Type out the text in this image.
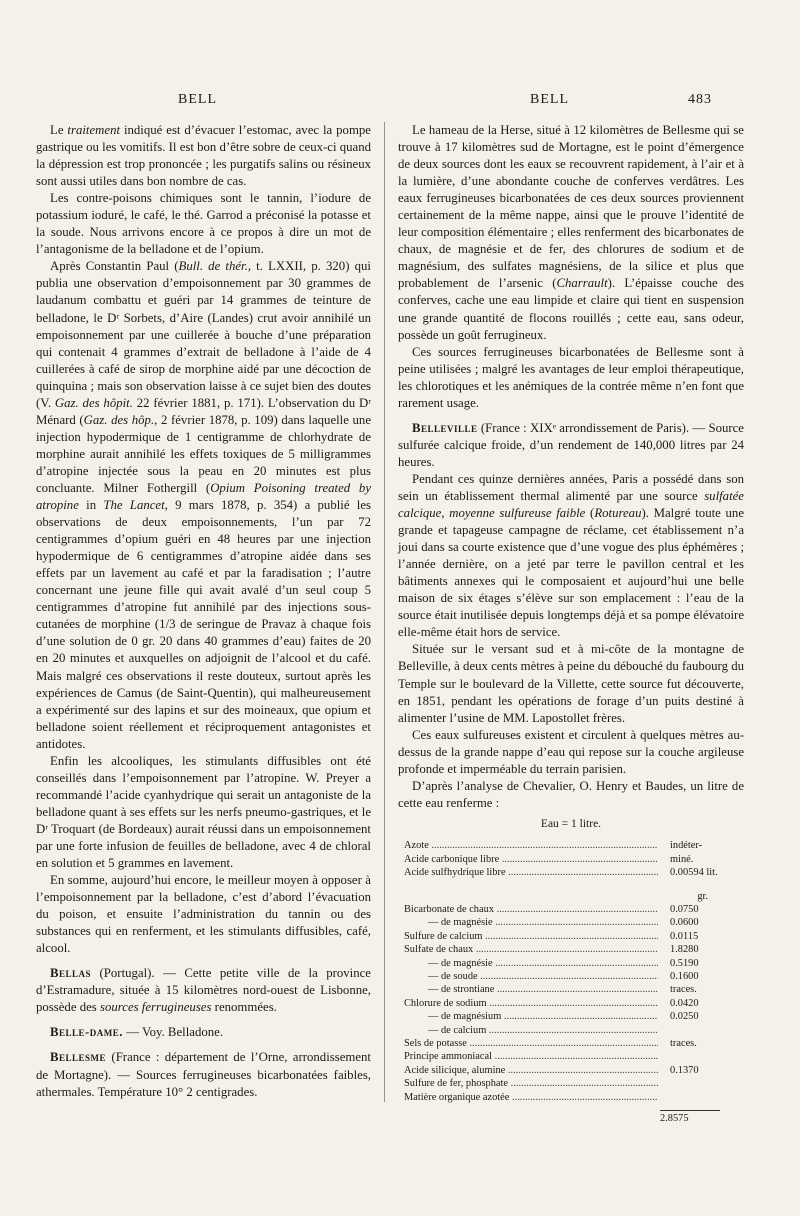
BELL	BELL	483

Le traitement indiqué est d’évacuer l’estomac, avec la pompe gastrique ou les vomitifs. Il est bon d’être sobre de ceux-ci quand la dépression est trop prononcée ; les purgatifs salins ou résineux sont aussi utiles dans bon nombre de cas.

Les contre-poisons chimiques sont le tannin, l’iodure de potassium ioduré, le café, le thé. Garrod a préconisé la potasse et la soude. Nous arrivons encore à ce propos à dire un mot de l’antagonisme de la belladone et de l’opium.

Après Constantin Paul (Bull. de thér., t. LXXII, p. 320) qui publia une observation d’empoisonnement par 30 grammes de laudanum combattu et guéri par 14 grammes de teinture de belladone, le Dʳ Sorbets, d’Aire (Landes) crut avoir annihilé un empoisonnement par une cuillerée à bouche d’une préparation qui contenait 4 grammes d’extrait de belladone à l’aide de 4 cuillerées à café de sirop de morphine aidé par une décoction de quinquina ; mais son observation laisse à ce sujet bien des doutes (V. Gaz. des hôpit. 22 février 1881, p. 171). L’observation du Dʳ Ménard (Gaz. des hôp., 2 février 1878, p. 109) dans laquelle une injection hypodermique de 1 centigramme de chlorhydrate de morphine aurait annihilé les effets toxiques de 5 milligrammes d’atropine injectée sous la peau en 20 minutes est plus concluante. Milner Fothergill (Opium Poisoning treated by atropine in The Lancet, 9 mars 1878, p. 354) a publié les observations de deux empoisonnements, l’un par 72 centigrammes d’opium guéri en 48 heures par une injection hypodermique de 6 centigrammes d’atropine aidée dans ses effets par un lavement au café et par la faradisation ; l’autre concernant une jeune fille qui avait avalé d’un seul coup 5 centigrammes d’atropine fut annihilé par des injections sous-cutanées de morphine (1/3 de seringue de Pravaz à chaque fois d’une solution de 0 gr. 20 dans 40 grammes d’eau) faites de 20 en 20 minutes et auxquelles on adjoignit de l’alcool et du café. Mais malgré ces observations il reste douteux, surtout après les expériences de Camus (de Saint-Quentin), qui malheureusement a expérimenté sur des lapins et sur des moineaux, que opium et belladone soient réellement et réciproquement antagonistes et antidotes.

Enfin les alcooliques, les stimulants diffusibles ont été conseillés dans l’empoisonnement par l’atropine. W. Preyer a recommandé l’acide cyanhydrique qui serait un antagoniste de la belladone quant à ses effets sur les nerfs pneumo-gastriques, et le Dʳ Troquart (de Bordeaux) aurait réussi dans un empoisonnement par une forte infusion de feuilles de belladone, avec 4 de chloral en solution et 5 grammes en lavement.

En somme, aujourd’hui encore, le meilleur moyen à opposer à l’empoisonnement par la belladone, c’est d’abord l’évacuation du poison, et ensuite l’administration du tannin ou des substances qui en renferment, et les stimulants diffusibles, café, alcool.

Bellas (Portugal). — Cette petite ville de la province d’Estramadure, située à 15 kilomètres nord-ouest de Lisbonne, possède des sources ferrugineuses renommées.

Belle-dame. — Voy. Belladone.

Bellesme (France : département de l’Orne, arrondissement de Mortagne). — Sources ferrugineuses bicarbonatées faibles, athermales. Température 10° 2 centigrades.

Le hameau de la Herse, situé à 12 kilomètres de Bellesme qui se trouve à 17 kilomètres sud de Mortagne, est le point d’émergence de deux sources dont les eaux se recouvrent rapidement, à l’air et à la lumière, d’une abondante couche de conferves verdâtres. Les eaux ferrugineuses bicarbonatées de ces deux sources proviennent certainement de la même nappe, ainsi que le prouve l’identité de leur composition élémentaire ; elles renferment des bicarbonates de chaux, de magnésie et de fer, des chlorures de sodium et de magnésium, des sulfates magnésiens, de la silice et plus que probablement de l’arsenic (Charrault). L’épaisse couche des conferves, cache une eau limpide et claire qui tient en suspension une grande quantité de flocons rouillés ; cette eau, sans odeur, possède un goût ferrugineux.

Ces sources ferrugineuses bicarbonatées de Bellesme sont à peine utilisées ; malgré les avantages de leur emploi thérapeutique, les chlorotiques et les anémiques de la contrée même n’en font que rarement usage.

Belleville (France : XIXᵉ arrondissement de Paris). — Source sulfurée calcique froide, d’un rendement de 140,000 litres par 24 heures.

Pendant ces quinze dernières années, Paris a possédé dans son sein un établissement thermal alimenté par une source sulfatée calcique, moyenne sulfureuse faible (Rotureau). Malgré toute une grande et tapageuse campagne de réclame, cet établissement n’a joui dans sa courte existence que d’une vogue des plus éphémères ; l’année dernière, on a jeté par terre le pavillon central et les bâtiments annexes qui le composaient et aujourd’hui une belle maison de six étages s’élève sur son emplacement : l’eau de la source était inutilisée depuis longtemps déjà et sa pompe élévatoire elle-même était hors de service.

Située sur le versant sud et à mi-côte de la montagne de Belleville, à deux cents mètres à peine du débouché du faubourg du Temple sur le boulevard de la Villette, cette source fut découverte, en 1851, pendant les opérations de forage d’un puits destiné à alimenter l’usine de MM. Lapostollet frères.

Ces eaux sulfureuses existent et circulent à quelques mètres au-dessus de la grande nappe d’eau qui repose sur la couche argileuse profonde et imperméable du terrain parisien.

D’après l’analyse de Chevalier, O. Henry et Baudes, un litre de cette eau renferme :

Eau = 1 litre.
Azote .....	indéter-
Acide carbonique libre .....	miné.
Acide sulfhydrique libre .....	0.00594 lit.
gr.
Bicarbonate de chaux .....	0.0750
— de magnésie .....	0.0600
Sulfure de calcium .....	0.0115
Sulfate de chaux .....	1.8280
— de magnésie .....	0.5190
— de soude .....	0.1600
— de strontiane .....	traces.
Chlorure de sodium .....	0.0420
— de magnésium .....	0.0250
— de calcium .....
Sels de potasse .....	traces.
Principe ammoniacal .....
Acide silicique, alumine .....	0.1370
Sulfure de fer, phosphate .....
Matière organique azotée .....
2.8575
